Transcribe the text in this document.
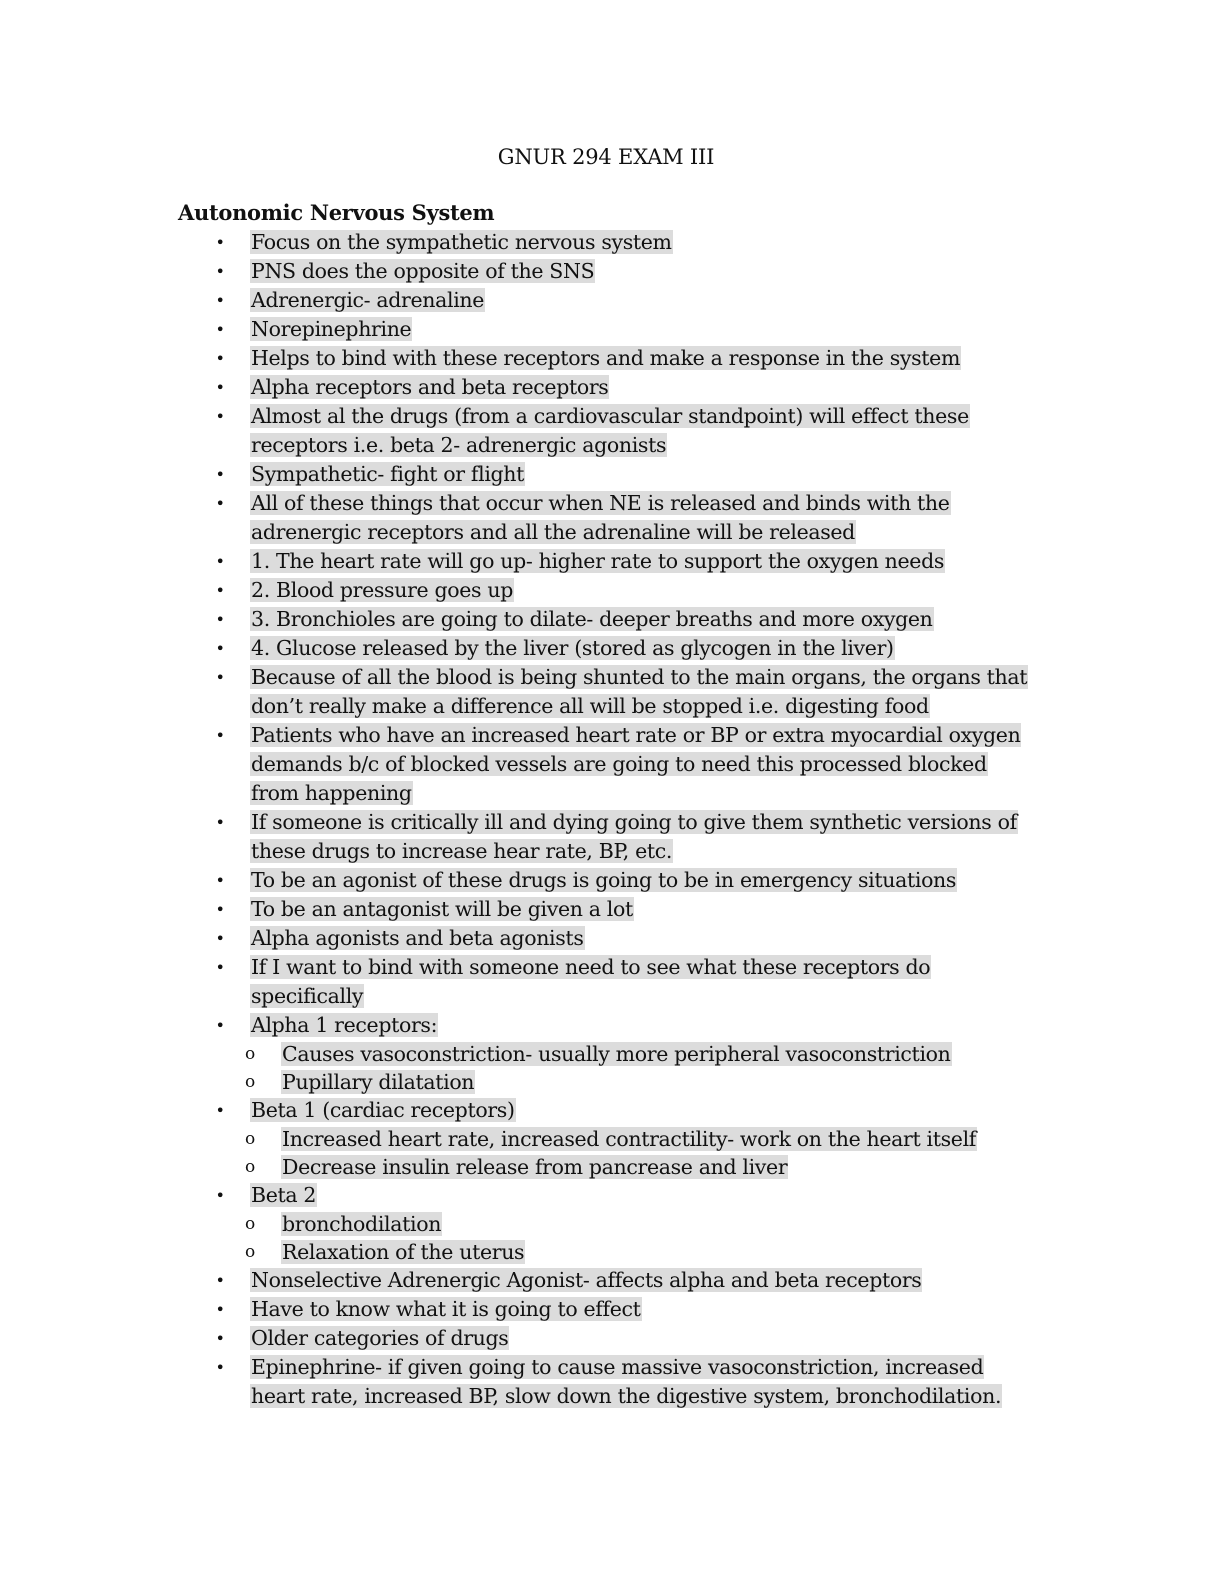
GNUR 294 EXAM III
Autonomic Nervous System
• Focus on the sympathetic nervous system
• PNS does the opposite of the SNS
• Adrenergic- adrenaline
• Norepinephrine
• Helps to bind with these receptors and make a response in the system
• Alpha receptors and beta receptors
• Almost al the drugs (from a cardiovascular standpoint) will effect these receptors i.e. beta 2- adrenergic agonists
• Sympathetic- fight or flight
• All of these things that occur when NE is released and binds with the adrenergic receptors and all the adrenaline will be released
• 1. The heart rate will go up- higher rate to support the oxygen needs
• 2. Blood pressure goes up
• 3. Bronchioles are going to dilate- deeper breaths and more oxygen
• 4. Glucose released by the liver (stored as glycogen in the liver)
• Because of all the blood is being shunted to the main organs, the organs that don’t really make a difference all will be stopped i.e. digesting food
• Patients who have an increased heart rate or BP or extra myocardial oxygen demands b/c of blocked vessels are going to need this processed blocked from happening
• If someone is critically ill and dying going to give them synthetic versions of these drugs to increase hear rate, BP, etc.
• To be an agonist of these drugs is going to be in emergency situations
• To be an antagonist will be given a lot
• Alpha agonists and beta agonists
• If I want to bind with someone need to see what these receptors do specifically
• Alpha 1 receptors:
o Causes vasoconstriction- usually more peripheral vasoconstriction
o Pupillary dilatation
• Beta 1 (cardiac receptors)
o Increased heart rate, increased contractility- work on the heart itself
o Decrease insulin release from pancrease and liver
• Beta 2
o bronchodilation
o Relaxation of the uterus
• Nonselective Adrenergic Agonist- affects alpha and beta receptors
• Have to know what it is going to effect
• Older categories of drugs
• Epinephrine- if given going to cause massive vasoconstriction, increased heart rate, increased BP, slow down the digestive system, bronchodilation.
